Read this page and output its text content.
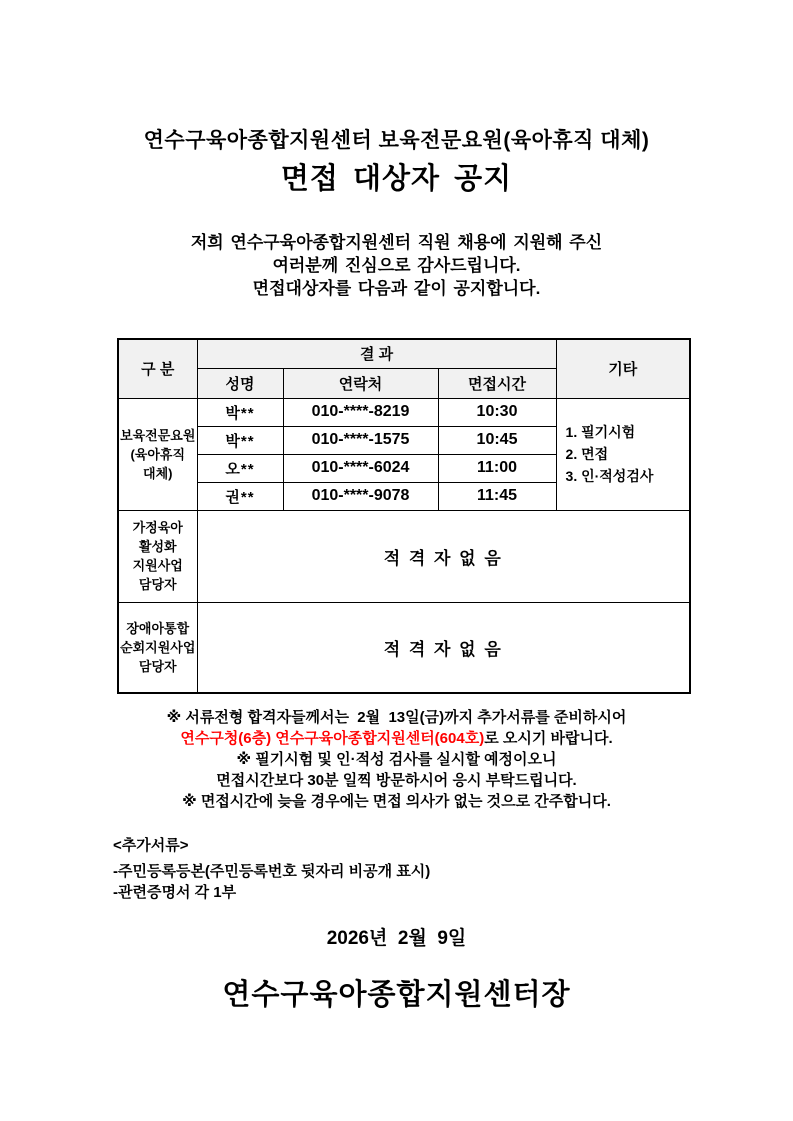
연수구육아종합지원센터 보육전문요원(육아휴직 대체)
면접 대상자 공지
저희 연수구육아종합지원센터 직원 채용에 지원해 주신
여러분께 진심으로 감사드립니다.
면접대상자를 다음과 같이 공지합니다.
구 분	결 과			기타
	성명	연락처	면접시간	

보육전문요원
(육아휴직
대체)
	박**	010-****-8219	10:30	
1. 필기시험
2. 면접
3. 인·적성검사

	박**	010-****-1575	10:45	
	오**	010-****-6024	11:00	
	권**	010-****-9078	11:45	

가정육아
활성화
지원사업
담당자	적 격 자 없 음			

장애아통합
순회지원사업
담당자	적 격 자 없 음			
※ 서류전형 합격자들께서는  2월  13일(금)까지 추가서류를 준비하시어
연수구청(6층) 연수구육아종합지원센터(604호)로 오시기 바랍니다.
※ 필기시험 및 인·적성 검사를 실시할 예정이오니
면접시간보다 30분 일찍 방문하시어 응시 부탁드립니다.
※ 면접시간에 늦을 경우에는 면접 의사가 없는 것으로 간주합니다.
<추가서류>
-주민등록등본(주민등록번호 뒷자리 비공개 표시)
-관련증명서 각 1부
2026년  2월  9일
연수구육아종합지원센터장
